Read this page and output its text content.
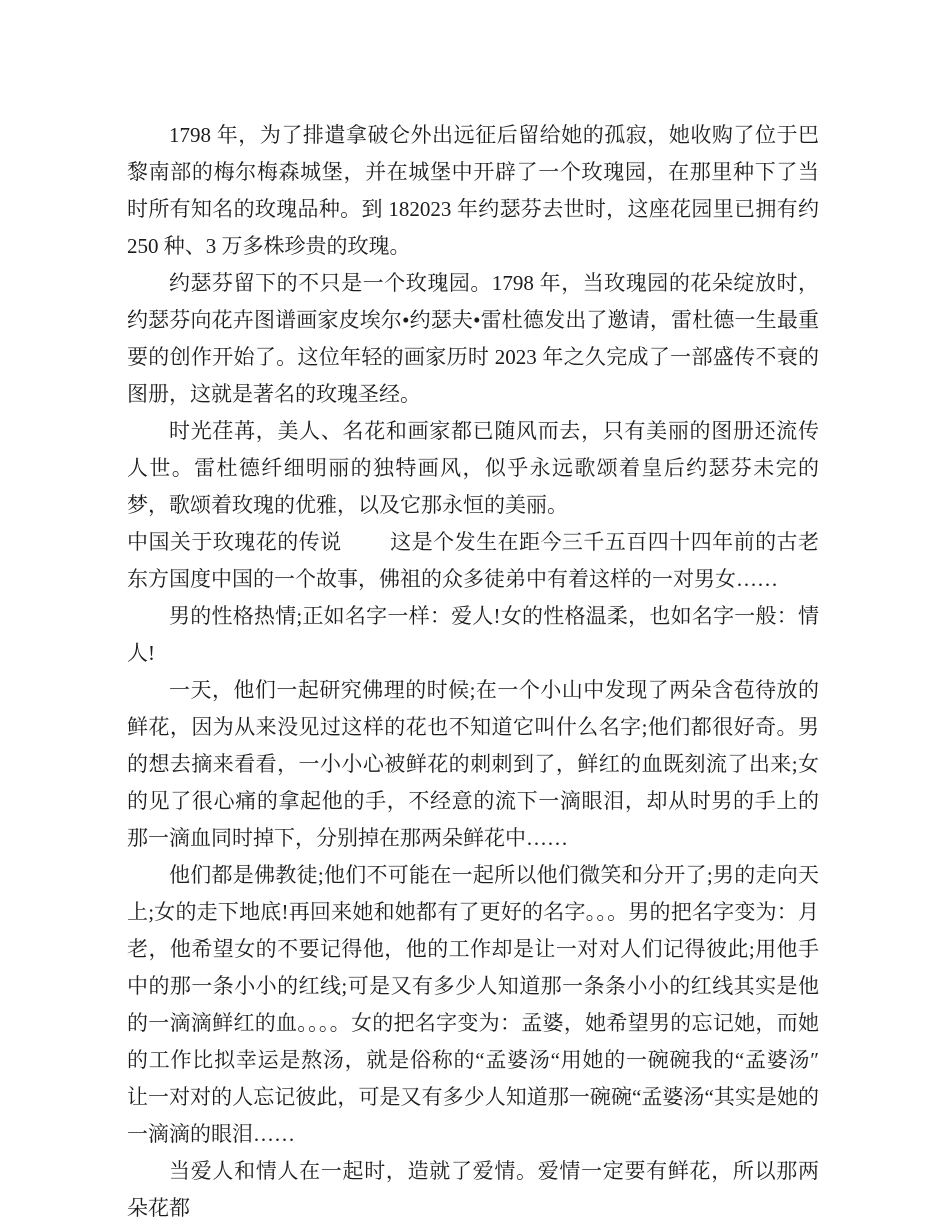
1798 年，为了排遣拿破仑外出远征后留给她的孤寂，她收购了位于巴黎南部的梅尔梅森城堡，并在城堡中开辟了一个玫瑰园，在那里种下了当时所有知名的玫瑰品种。到 182023 年约瑟芬去世时，这座花园里已拥有约 250 种、3 万多株珍贵的玫瑰。

约瑟芬留下的不只是一个玫瑰园。1798 年，当玫瑰园的花朵绽放时，约瑟芬向花卉图谱画家皮埃尔•约瑟夫•雷杜德发出了邀请，雷杜德一生最重要的创作开始了。这位年轻的画家历时 2023 年之久完成了一部盛传不衰的图册，这就是著名的玫瑰圣经。

时光荏苒，美人、名花和画家都已随风而去，只有美丽的图册还流传人世。雷杜德纤细明丽的独特画风，似乎永远歌颂着皇后约瑟芬未完的梦，歌颂着玫瑰的优雅，以及它那永恒的美丽。

中国关于玫瑰花的传说　　 这是个发生在距今三千五百四十四年前的古老东方国度中国的一个故事，佛祖的众多徒弟中有着这样的一对男女……

男的性格热情;正如名字一样：爱人!女的性格温柔，也如名字一般：情人!

一天，他们一起研究佛理的时候;在一个小山中发现了两朵含苞待放的鲜花，因为从来没见过这样的花也不知道它叫什么名字;他们都很好奇。男的想去摘来看看，一小小心被鲜花的刺刺到了，鲜红的血既刻流了出来;女的见了很心痛的拿起他的手，不经意的流下一滴眼泪，却从时男的手上的那一滴血同时掉下，分别掉在那两朵鲜花中……

他们都是佛教徒;他们不可能在一起所以他们微笑和分开了;男的走向天上;女的走下地底!再回来她和她都有了更好的名字。。。男的把名字变为：月老，他希望女的不要记得他，他的工作却是让一对对人们记得彼此;用他手中的那一条小小的红线;可是又有多少人知道那一条条小小的红线其实是他的一滴滴鲜红的血。。。。女的把名字变为：孟婆，她希望男的忘记她，而她的工作比拟幸运是熬汤，就是俗称的“孟婆汤“用她的一碗碗我的“孟婆汤″ 让一对对的人忘记彼此，可是又有多少人知道那一碗碗“孟婆汤“其实是她的一滴滴的眼泪……

当爱人和情人在一起时，造就了爱情。爱情一定要有鲜花，所以那两朵花都
